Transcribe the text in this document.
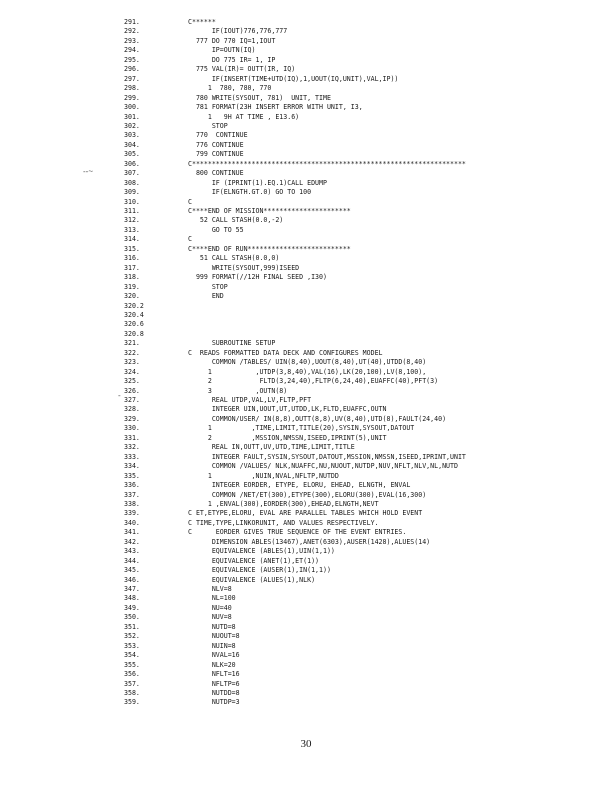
291.	C******
292.	IF(IOUT)776,776,777
293.	777 DO 770 IQ=1,IOUT
294.	IP=OUTN(IQ)
295.	DO 775 IR= 1, IP
296.	775 VAL(IR)= OUTT(IR, IQ)
297.	IF(INSERT(TIME+UTD(IQ),1,UOUT(IQ,UNIT),VAL,IP))
298.	1  780, 780, 770
299.	780 WRITE(SYSOUT, 781)  UNIT, TIME
300.	781 FORMAT(23H INSERT ERROR WITH UNIT, I3,
301.	1   9H AT TIME , E13.6)
302.	STOP
303.	770  CONTINUE
304.	776 CONTINUE
305.	799 CONTINUE
306.	C*********************************************************************
307.	800 CONTINUE
308.	IF (IPRINT(1).EQ.1)CALL EDUMP
309.	IF(ELNGTH.GT.0) GO TO 100
310.	C
311.	C****END OF MISSION**********************
312.	52 CALL STASH(0.0,-2)
313.	GO TO 55
314.	C
315.	C****END OF RUN**************************
316.	51 CALL STASH(0.0,0)
317.	WRITE(SYSOUT,999)ISEED
318.	999 FORMAT(//12H FINAL SEED ,I30)
319.	STOP
320.	END
320.2
320.4
320.6
320.8
321.	SUBROUTINE SETUP
322.	C  READS FORMATTED DATA DECK AND CONFIGURES MODEL
323.	COMMON /TABLES/ UIN(8,40),UOUT(8,40),UT(40),UTDD(8,40)
324.	1           ,UTDP(3,8,40),VAL(16),LK(20,100),LV(8,100),
325.	2            FLTD(3,24,40),FLTP(6,24,40),EUAFFC(40),PFT(3)
326.	3           ,OUTN(8)
327.	REAL UTDP,VAL,LV,FLTP,PFT
328.	INTEGER UIN,UOUT,UT,UTDD,LK,FLTD,EUAFFC,OUTN
329.	COMMON/USER/ IN(8,8),OUTT(8,8),UV(8,40),UTD(8),FAULT(24,40)
330.	1          ,TIME,LIMIT,TITLE(20),SYSIN,SYSOUT,DATOUT
331.	2          ,MSSION,NMSSN,ISEED,IPRINT(5),UNIT
332.	REAL IN,OUTT,UV,UTD,TIME,LIMIT,TITLE
333.	INTEGER FAULT,SYSIN,SYSOUT,DATOUT,MSSION,NMSSN,ISEED,IPRINT,UNIT
334.	COMMON /VALUES/ NLK,NUAFFC,NU,NUOUT,NUTDP,NUV,NFLT,NLV,NL,NUTD
335.	1          ,NUIN,NVAL,NFLTP,NUTDD
336.	INTEGER EORDER, ETYPE, ELORU, EHEAD, ELNGTH, ENVAL
337.	COMMON /NET/ET(300),ETYPE(300),ELORU(300),EVAL(16,300)
338.	1 ,ENVAL(300),EORDER(300),EHEAD,ELNGTH,NEVT
339.	C ET,ETYPE,ELORU, EVAL ARE PARALLEL TABLES WHICH HOLD EVENT
340.	C TIME,TYPE,LINKORUNIT, AND VALUES RESPECTIVELY.
341.	C      EORDER GIVES TRUE SEQUENCE OF THE EVENT ENTRIES.
342.	DIMENSION ABLES(13467),ANET(6303),AUSER(1428),ALUES(14)
343.	EQUIVALENCE (ABLES(1),UIN(1,1))
344.	EQUIVALENCE (ANET(1),ET(1))
345.	EQUIVALENCE (AUSER(1),IN(1,1))
346.	EQUIVALENCE (ALUES(1),NLK)
347.	NLV=8
348.	NL=100
349.	NU=40
350.	NUV=8
351.	NUTD=8
352.	NUOUT=8
353.	NUIN=8
354.	NVAL=16
355.	NLK=20
356.	NFLT=16
357.	NFLTP=6
358.	NUTDD=8
359.	NUTDP=3
--~
-
30
